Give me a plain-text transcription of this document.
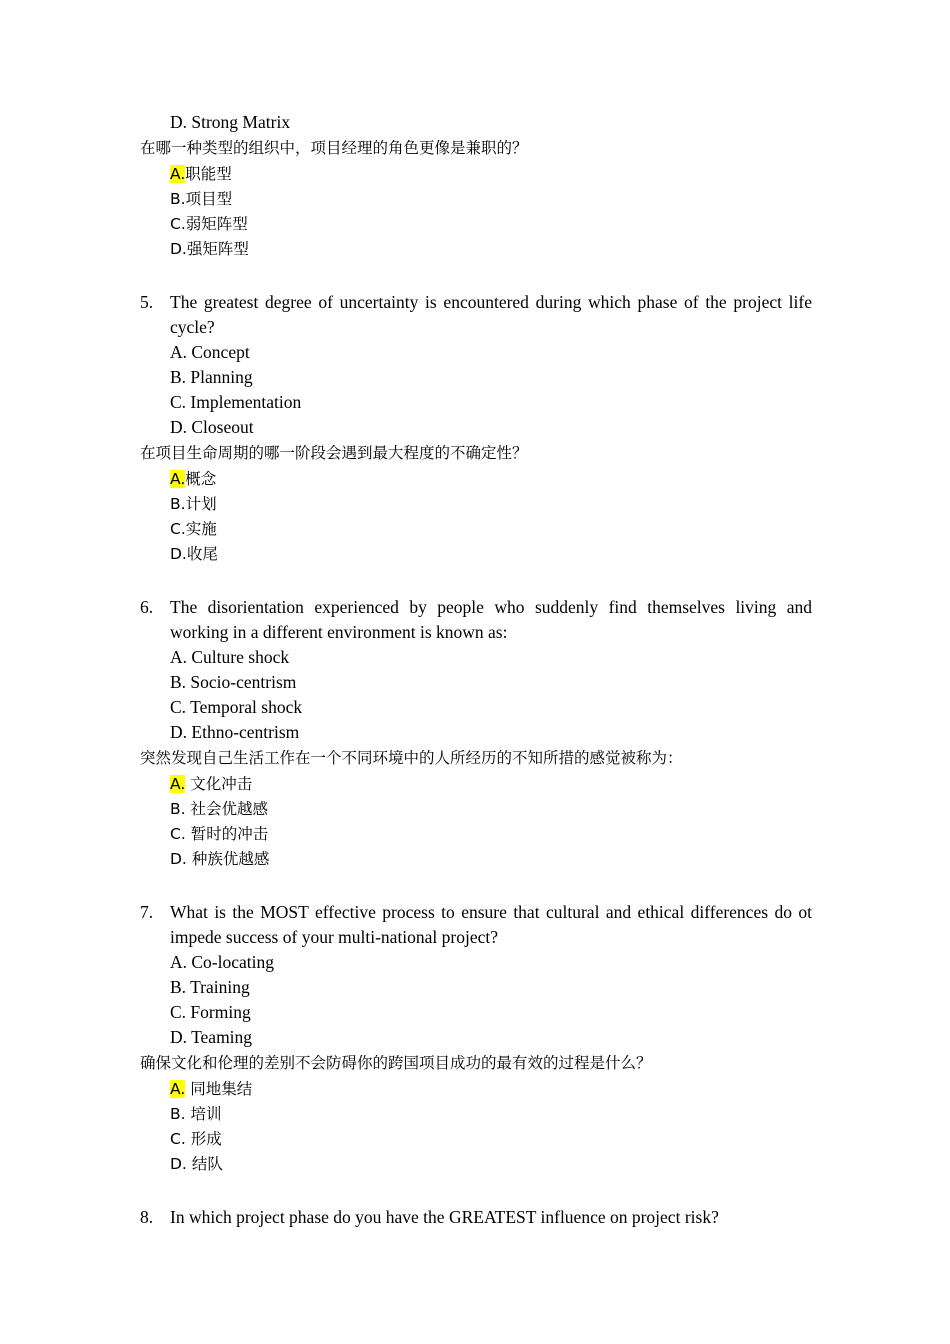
D. Strong Matrix
在哪一种类型的组织中，项目经理的角色更像是兼职的？
A.职能型
B.项目型
C.弱矩阵型
D.强矩阵型
5. The greatest degree of uncertainty is encountered during which phase of the project life cycle?
A. Concept
B. Planning
C. Implementation
D. Closeout
在项目生命周期的哪一阶段会遇到最大程度的不确定性？
A.概念
B.计划
C.实施
D.收尾
6. The disorientation experienced by people who suddenly find themselves living and working in a different environment is known as:
A. Culture shock
B. Socio-centrism
C. Temporal shock
D. Ethno-centrism
突然发现自己生活工作在一个不同环境中的人所经历的不知所措的感觉被称为：
A. 文化冲击
B. 社会优越感
C. 暂时的冲击
D. 种族优越感
7. What is the MOST effective process to ensure that cultural and ethical differences do ot impede success of your multi-national project?
A. Co-locating
B. Training
C. Forming
D. Teaming
确保文化和伦理的差别不会防碍你的跨国项目成功的最有效的过程是什么？
A. 同地集结
B. 培训
C. 形成
D. 结队
8. In which project phase do you have the GREATEST influence on project risk?
